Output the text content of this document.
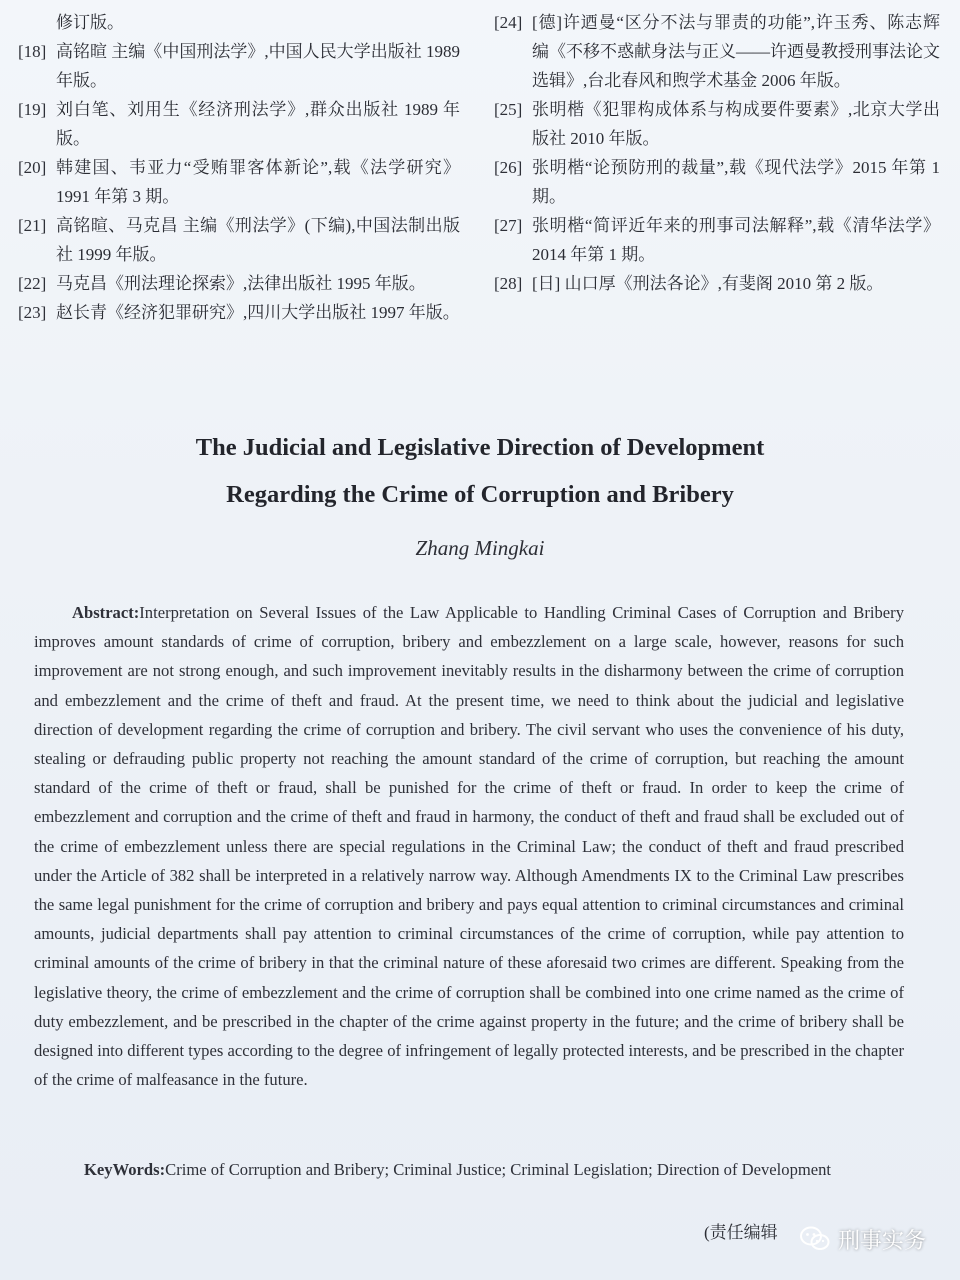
修订版。
[18] 高铭暄 主编《中国刑法学》,中国人民大学出版社 1989 年版。
[19] 刘白笔、刘用生《经济刑法学》,群众出版社 1989 年版。
[20] 韩建国、韦亚力“受贿罪客体新论”,载《法学研究》1991 年第 3 期。
[21] 高铭暄、马克昌 主编《刑法学》(下编),中国法制出版社 1999 年版。
[22] 马克昌《刑法理论探索》,法律出版社 1995 年版。
[23] 赵长青《经济犯罪研究》,四川大学出版社 1997 年版。
[24] [德]许迺曼“区分不法与罪责的功能”,许玉秀、陈志辉 编《不移不惑献身法与正义——许迺曼教授刑事法论文选辑》,台北春风和煦学术基金 2006 年版。
[25] 张明楷《犯罪构成体系与构成要件要素》,北京大学出版社 2010 年版。
[26] 张明楷“论预防刑的裁量”,载《现代法学》2015 年第 1 期。
[27] 张明楷“简评近年来的刑事司法解释”,载《清华法学》2014 年第 1 期。
[28] [日] 山口厚《刑法各论》,有斐阁 2010 第 2 版。
The Judicial and Legislative Direction of Development
Regarding the Crime of Corruption and Bribery
Zhang Mingkai
Abstract:Interpretation on Several Issues of the Law Applicable to Handling Criminal Cases of Corruption and Bribery improves amount standards of crime of corruption, bribery and embezzlement on a large scale, however, reasons for such improvement are not strong enough, and such improvement inevitably results in the disharmony between the crime of corruption and embezzlement and the crime of theft and fraud. At the present time, we need to think about the judicial and legislative direction of development regarding the crime of corruption and bribery. The civil servant who uses the convenience of his duty, stealing or defrauding public property not reaching the amount standard of the crime of corruption, but reaching the amount standard of the crime of theft or fraud, shall be punished for the crime of theft or fraud. In order to keep the crime of embezzlement and corruption and the crime of theft and fraud in harmony, the conduct of theft and fraud shall be excluded out of the crime of embezzlement unless there are special regulations in the Criminal Law; the conduct of theft and fraud prescribed under the Article of 382 shall be interpreted in a relatively narrow way. Although Amendments IX to the Criminal Law prescribes the same legal punishment for the crime of corruption and bribery and pays equal attention to criminal circumstances and criminal amounts, judicial departments shall pay attention to criminal circumstances of the crime of corruption, while pay attention to criminal amounts of the crime of bribery in that the criminal nature of these aforesaid two crimes are different. Speaking from the legislative theory, the crime of embezzlement and the crime of corruption shall be combined into one crime named as the crime of duty embezzlement, and be prescribed in the chapter of the crime against property in the future; and the crime of bribery shall be designed into different types according to the degree of infringement of legally protected interests, and be prescribed in the chapter of the crime of malfeasance in the future.
KeyWords:Crime of Corruption and Bribery; Criminal Justice; Criminal Legislation; Direction of Development
(责任编辑	刑事实务
